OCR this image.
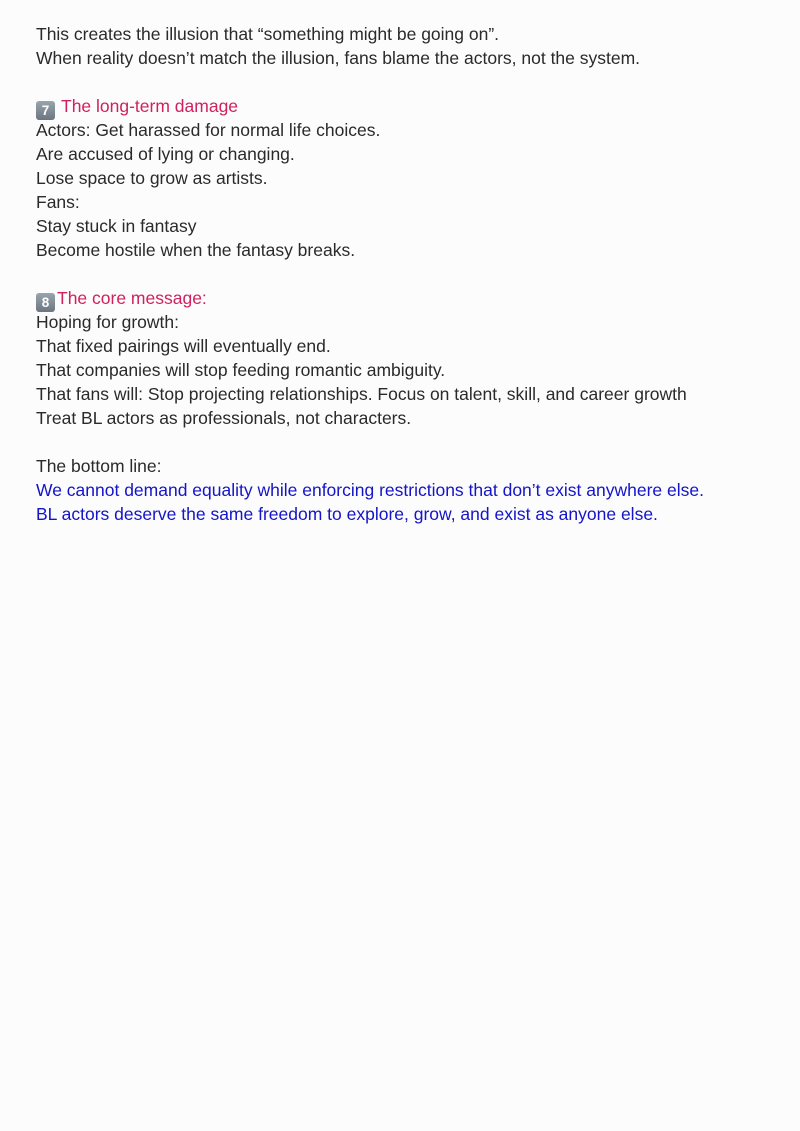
This creates the illusion that “something might be going on”.
When reality doesn’t match the illusion, fans blame the actors, not the system.
7 The long-term damage
Actors: Get harassed for normal life choices.
Are accused of lying or changing.
Lose space to grow as artists.
Fans:
Stay stuck in fantasy
Become hostile when the fantasy breaks.
8 The core message:
Hoping for growth:
That fixed pairings will eventually end.
That companies will stop feeding romantic ambiguity.
That fans will: Stop projecting relationships. Focus on talent, skill, and career growth
Treat BL actors as professionals, not characters.
The bottom line:
We cannot demand equality while enforcing restrictions that don’t exist anywhere else.
BL actors deserve the same freedom to explore, grow, and exist as anyone else.
